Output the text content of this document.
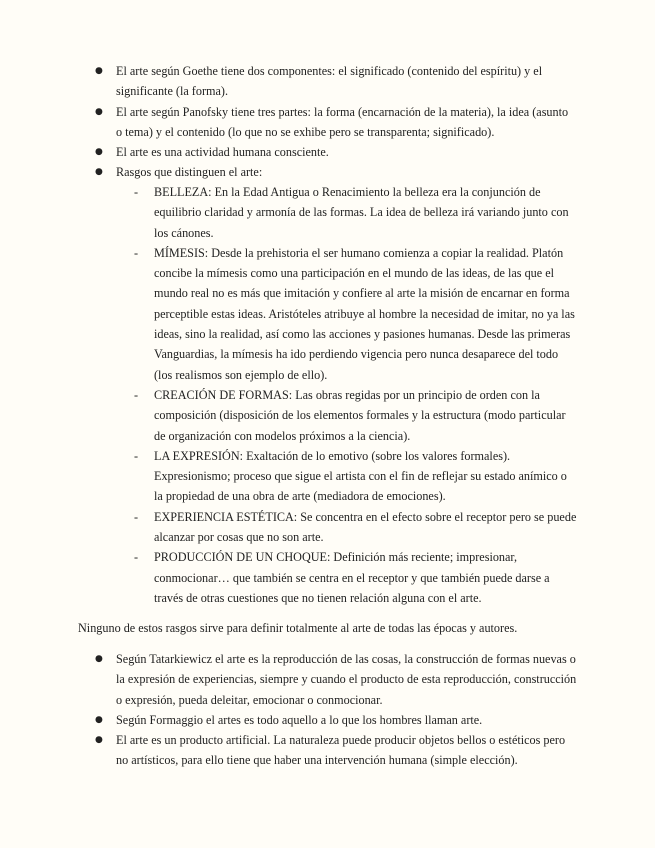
● El arte según Goethe tiene dos componentes: el significado (contenido del espíritu) y el significante (la forma).
● El arte según Panofsky tiene tres partes: la forma (encarnación de la materia), la idea (asunto o tema) y el contenido (lo que no se exhibe pero se transparenta; significado).
● El arte es una actividad humana consciente.
● Rasgos que distinguen el arte:
- BELLEZA: En la Edad Antigua o Renacimiento la belleza era la conjunción de equilibrio claridad y armonía de las formas. La idea de belleza irá variando junto con los cánones.
- MÍMESIS: Desde la prehistoria el ser humano comienza a copiar la realidad. Platón concibe la mímesis como una participación en el mundo de las ideas, de las que el mundo real no es más que imitación y confiere al arte la misión de encarnar en forma perceptible estas ideas. Aristóteles atribuye al hombre la necesidad de imitar, no ya las ideas, sino la realidad, así como las acciones y pasiones humanas. Desde las primeras Vanguardias, la mímesis ha ido perdiendo vigencia pero nunca desaparece del todo (los realismos son ejemplo de ello).
- CREACIÓN DE FORMAS: Las obras regidas por un principio de orden con la composición (disposición de los elementos formales y la estructura (modo particular de organización con modelos próximos a la ciencia).
- LA EXPRESIÓN: Exaltación de lo emotivo (sobre los valores formales). Expresionismo; proceso que sigue el artista con el fin de reflejar su estado anímico o la propiedad de una obra de arte (mediadora de emociones).
- EXPERIENCIA ESTÉTICA: Se concentra en el efecto sobre el receptor pero se puede alcanzar por cosas que no son arte.
- PRODUCCIÓN DE UN CHOQUE: Definición más reciente; impresionar, conmocionar… que también se centra en el receptor y que también puede darse a través de otras cuestiones que no tienen relación alguna con el arte.

Ninguno de estos rasgos sirve para definir totalmente al arte de todas las épocas y autores.

● Según Tatarkiewicz el arte es la reproducción de las cosas, la construcción de formas nuevas o la expresión de experiencias, siempre y cuando el producto de esta reproducción, construcción o expresión, pueda deleitar, emocionar o conmocionar.
● Según Formaggio el artes es todo aquello a lo que los hombres llaman arte.
● El arte es un producto artificial. La naturaleza puede producir objetos bellos o estéticos pero no artísticos, para ello tiene que haber una intervención humana (simple elección).
